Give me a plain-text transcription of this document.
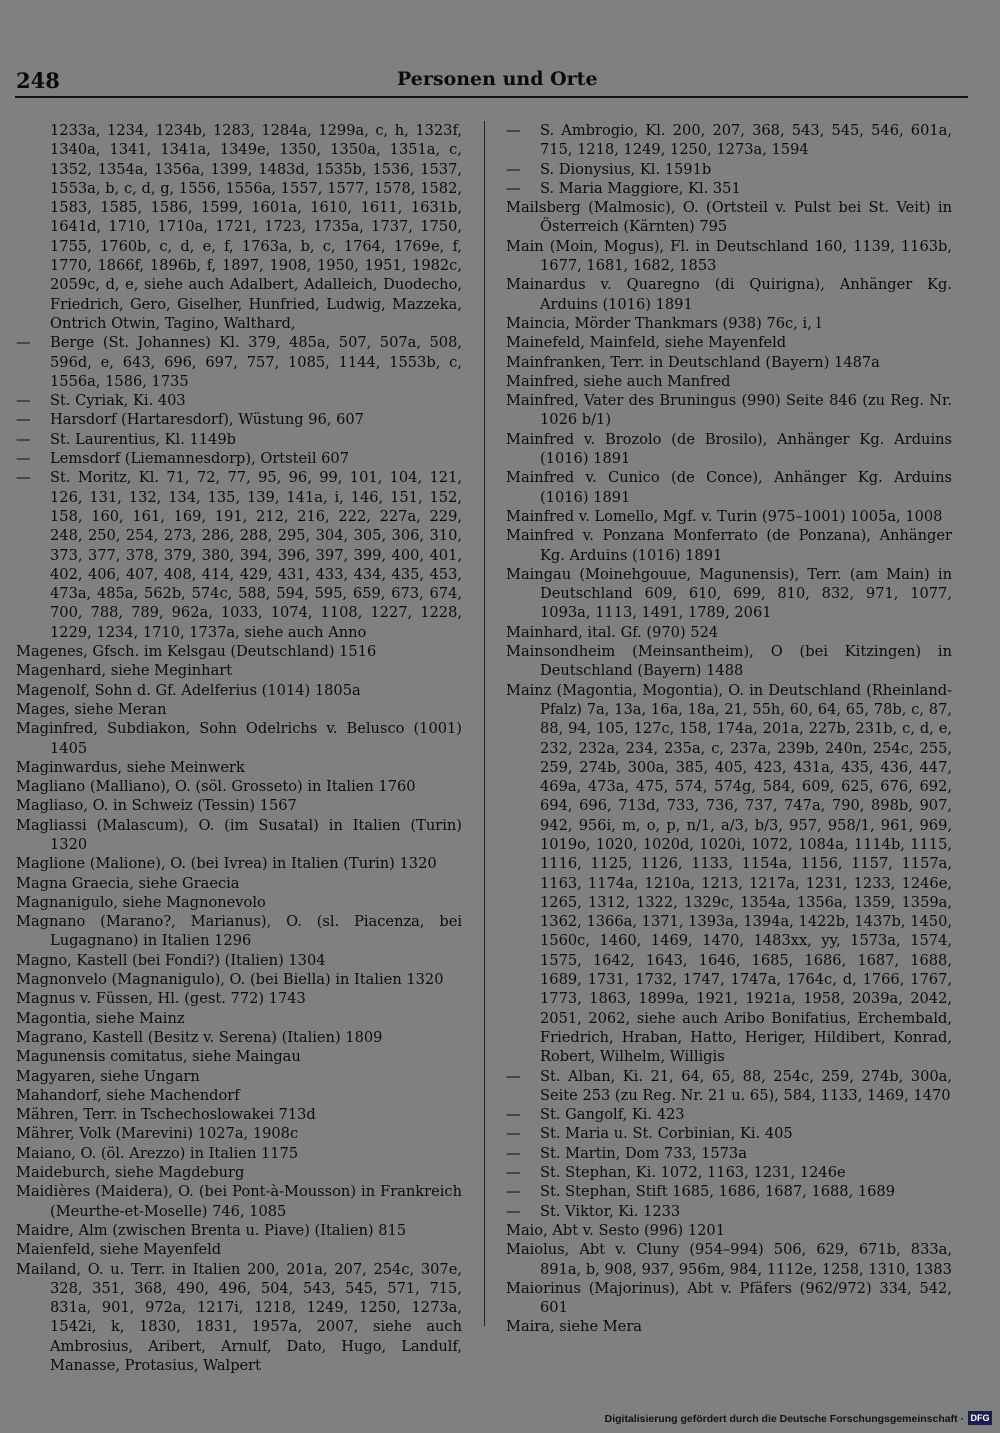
248	Personen und Orte
1233a, 1234, 1234b, 1283, 1284a, 1299a, c, h, 1323f, 1340a, 1341, 1341a, 1349e, 1350, 1350a, 1351a, c, 1352, 1354a, 1356a, 1399, 1483d, 1535b, 1536, 1537, 1553a, b, c, d, g, 1556, 1556a, 1557, 1577, 1578, 1582, 1583, 1585, 1586, 1599, 1601a, 1610, 1611, 1631b, 1641d, 1710, 1710a, 1721, 1723, 1735a, 1737, 1750, 1755, 1760b, c, d, e, f, 1763a, b, c, 1764, 1769e, f, 1770, 1866f, 1896b, f, 1897, 1908, 1950, 1951, 1982c, 2059c, d, e, siehe auch Adalbert, Adalleich, Duodecho, Friedrich, Gero, Giselher, Hunfried, Ludwig, Mazzeka, Ontrich Otwin, Tagino, Walthard,
— Berge (St. Johannes) Kl. 379, 485a, 507, 507a, 508, 596d, e, 643, 696, 697, 757, 1085, 1144, 1553b, c, 1556a, 1586, 1735
— St. Cyriak, Ki. 403
— Harsdorf (Hartaresdorf), Wüstung 96, 607
— St. Laurentius, Kl. 1149b
— Lemsdorf (Liemannesdorp), Ortsteil 607
— St. Moritz, Kl. 71, 72, 77, 95, 96, 99, 101, 104, 121, 126, 131, 132, 134, 135, 139, 141a, i, 146, 151, 152, 158, 160, 161, 169, 191, 212, 216, 222, 227a, 229, 248, 250, 254, 273, 286, 288, 295, 304, 305, 306, 310, 373, 377, 378, 379, 380, 394, 396, 397, 399, 400, 401, 402, 406, 407, 408, 414, 429, 431, 433, 434, 435, 453, 473a, 485a, 562b, 574c, 588, 594, 595, 659, 673, 674, 700, 788, 789, 962a, 1033, 1074, 1108, 1227, 1228, 1229, 1234, 1710, 1737a, siehe auch Anno
Magenes, Gfsch. im Kelsgau (Deutschland) 1516
Magenhard, siehe Meginhart
Magenolf, Sohn d. Gf. Adelferius (1014) 1805a
Mages, siehe Meran
Maginfred, Subdiakon, Sohn Odelrichs v. Belusco (1001) 1405
Maginwardus, siehe Meinwerk
Magliano (Malliano), O. (söl. Grosseto) in Italien 1760
Magliaso, O. in Schweiz (Tessin) 1567
Magliassi (Malascum), O. (im Susatal) in Italien (Turin) 1320
Maglione (Malione), O. (bei Ivrea) in Italien (Turin) 1320
Magna Graecia, siehe Graecia
Magnanigulo, siehe Magnonevolo
Magnano (Marano?, Marianus), O. (sl. Piacenza, bei Lugagnano) in Italien 1296
Magno, Kastell (bei Fondi?) (Italien) 1304
Magnonvelo (Magnanigulo), O. (bei Biella) in Italien 1320
Magnus v. Füssen, Hl. (gest. 772) 1743
Magontia, siehe Mainz
Magrano, Kastell (Besitz v. Serena) (Italien) 1809
Magunensis comitatus, siehe Maingau
Magyaren, siehe Ungarn
Mahandorf, siehe Machendorf
Mähren, Terr. in Tschechoslowakei 713d
Mährer, Volk (Marevini) 1027a, 1908c
Maiano, O. (öl. Arezzo) in Italien 1175
Maideburch, siehe Magdeburg
Maidières (Maidera), O. (bei Pont-à-Mousson) in Frankreich (Meurthe-et-Moselle) 746, 1085
Maidre, Alm (zwischen Brenta u. Piave) (Italien) 815
Maienfeld, siehe Mayenfeld
Mailand, O. u. Terr. in Italien 200, 201a, 207, 254c, 307e, 328, 351, 368, 490, 496, 504, 543, 545, 571, 715, 831a, 901, 972a, 1217i, 1218, 1249, 1250, 1273a, 1542i, k, 1830, 1831, 1957a, 2007, siehe auch Ambrosius, Aribert, Arnulf, Dato, Hugo, Landulf, Manasse, Protasius, Walpert
— S. Ambrogio, Kl. 200, 207, 368, 543, 545, 546, 601a, 715, 1218, 1249, 1250, 1273a, 1594
— S. Dionysius, Kl. 1591b
— S. Maria Maggiore, Kl. 351
Mailsberg (Malmosic), O. (Ortsteil v. Pulst bei St. Veit) in Österreich (Kärnten) 795
Main (Moin, Mogus), Fl. in Deutschland 160, 1139, 1163b, 1677, 1681, 1682, 1853
Mainardus v. Quaregno (di Quirigna), Anhänger Kg. Arduins (1016) 1891
Maincia, Mörder Thankmars (938) 76c, i, l
Mainefeld, Mainfeld, siehe Mayenfeld
Mainfranken, Terr. in Deutschland (Bayern) 1487a
Mainfred, siehe auch Manfred
Mainfred, Vater des Bruningus (990) Seite 846 (zu Reg. Nr. 1026 b/1)
Mainfred v. Brozolo (de Brosilo), Anhänger Kg. Arduins (1016) 1891
Mainfred v. Cunico (de Conce), Anhänger Kg. Arduins (1016) 1891
Mainfred v. Lomello, Mgf. v. Turin (975–1001) 1005a, 1008
Mainfred v. Ponzana Monferrato (de Ponzana), Anhänger Kg. Arduins (1016) 1891
Maingau (Moinehgouue, Magunensis), Terr. (am Main) in Deutschland 609, 610, 699, 810, 832, 971, 1077, 1093a, 1113, 1491, 1789, 2061
Mainhard, ital. Gf. (970) 524
Mainsondheim (Meinsantheim), O (bei Kitzingen) in Deutschland (Bayern) 1488
Mainz (Magontia, Mogontia), O. in Deutschland (Rheinland-Pfalz) 7a, 13a, 16a, 18a, 21, 55h, 60, 64, 65, 78b, c, 87, 88, 94, 105, 127c, 158, 174a, 201a, 227b, 231b, c, d, e, 232, 232a, 234, 235a, c, 237a, 239b, 240n, 254c, 255, 259, 274b, 300a, 385, 405, 423, 431a, 435, 436, 447, 469a, 473a, 475, 574, 574g, 584, 609, 625, 676, 692, 694, 696, 713d, 733, 736, 737, 747a, 790, 898b, 907, 942, 956i, m, o, p, n/1, a/3, b/3, 957, 958/1, 961, 969, 1019o, 1020, 1020d, 1020i, 1072, 1084a, 1114b, 1115, 1116, 1125, 1126, 1133, 1154a, 1156, 1157, 1157a, 1163, 1174a, 1210a, 1213, 1217a, 1231, 1233, 1246e, 1265, 1312, 1322, 1329c, 1354a, 1356a, 1359, 1359a, 1362, 1366a, 1371, 1393a, 1394a, 1422b, 1437b, 1450, 1560c, 1460, 1469, 1470, 1483xx, yy, 1573a, 1574, 1575, 1642, 1643, 1646, 1685, 1686, 1687, 1688, 1689, 1731, 1732, 1747, 1747a, 1764c, d, 1766, 1767, 1773, 1863, 1899a, 1921, 1921a, 1958, 2039a, 2042, 2051, 2062, siehe auch Aribo Bonifatius, Erchembald, Friedrich, Hraban, Hatto, Heriger, Hildibert, Konrad, Robert, Wilhelm, Willigis
— St. Alban, Ki. 21, 64, 65, 88, 254c, 259, 274b, 300a, Seite 253 (zu Reg. Nr. 21 u. 65), 584, 1133, 1469, 1470
— St. Gangolf, Ki. 423
— St. Maria u. St. Corbinian, Ki. 405
— St. Martin, Dom 733, 1573a
— St. Stephan, Ki. 1072, 1163, 1231, 1246e
— St. Stephan, Stift 1685, 1686, 1687, 1688, 1689
— St. Viktor, Ki. 1233
Maio, Abt v. Sesto (996) 1201
Maiolus, Abt v. Cluny (954–994) 506, 629, 671b, 833a, 891a, b, 908, 937, 956m, 984, 1112e, 1258, 1310, 1383
Maiorinus (Majorinus), Abt v. Pfäfers (962/972) 334, 542, 601
Maira, siehe Mera
Digitalisierung gefördert durch die Deutsche Forschungsgemeinschaft · DFG
